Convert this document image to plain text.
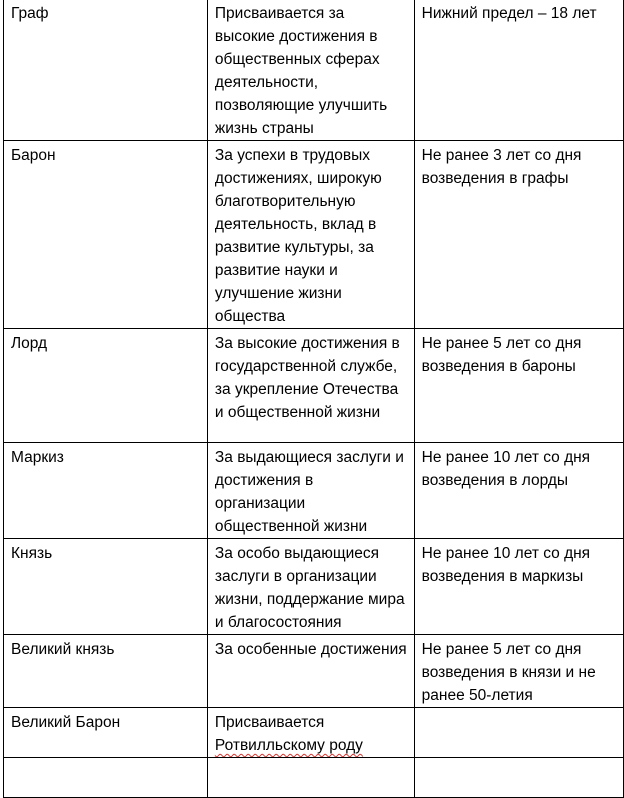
Граф	Присваивается за высокие достижения в общественных сферах деятельности, позволяющие улучшить жизнь страны	Нижний предел – 18 лет

Барон	За успехи в трудовых достижениях, широкую благотворительную деятельность, вклад в развитие культуры, за развитие науки и улучшение жизни общества	Не ранее 3 лет со дня возведения в графы

Лорд	За высокие достижения в государственной службе, за укрепление Отечества и общественной жизни	Не ранее 5 лет со дня возведения в бароны

Маркиз	За выдающиеся заслуги и достижения в организации общественной жизни	Не ранее 10 лет со дня возведения в лорды

Князь	За особо выдающиеся заслуги в организации жизни, поддержание мира и благосостояния	Не ранее 10 лет со дня возведения в маркизы

Великий князь	За особенные достижения	Не ранее 5 лет со дня возведения в князи и не ранее 50-летия

Великий Барон	Присваивается
Ротвилльскому роду	
